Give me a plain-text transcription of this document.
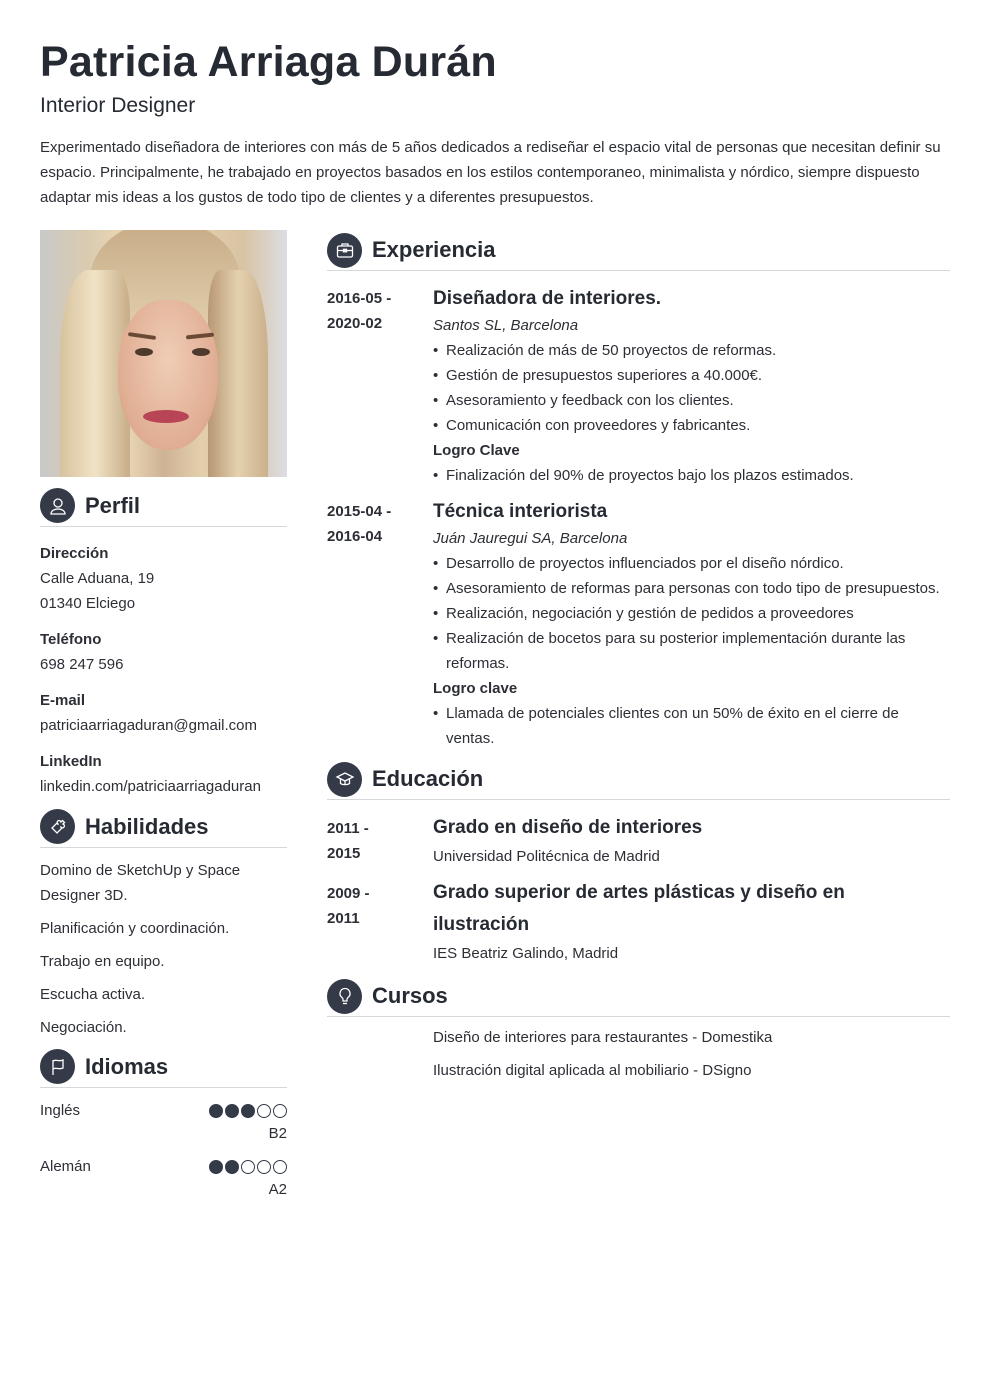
Patricia Arriaga Durán
Interior Designer

Experimentado diseñadora de interiores con más de 5 años dedicados a rediseñar el espacio vital de personas que necesitan definir su espacio. Principalmente, he trabajado en proyectos basados en los estilos contemporaneo, minimalista y nórdico, siempre dispuesto adaptar mis ideas a los gustos de todo tipo de clientes y a diferentes presupuestos.

Perfil
Dirección
Calle Aduana, 19
01340 Elciego
Teléfono
698 247 596
E-mail
patriciaarriagaduran@gmail.com
LinkedIn
linkedin.com/patriciaarriagaduran
Habilidades
Domino de SketchUp y Space Designer 3D.
Planificación y coordinación.
Trabajo en equipo.
Escucha activa.
Negociación.
Idiomas
Inglés
B2
Alemán
A2
Experiencia
2016-05 -
2020-02
Diseñadora de interiores.
Santos SL, Barcelona
• Realización de más de 50 proyectos de reformas.
• Gestión de presupuestos superiores a 40.000€.
• Asesoramiento y feedback con los clientes.
• Comunicación con proveedores y fabricantes.
Logro Clave
• Finalización del 90% de proyectos bajo los plazos estimados.
2015-04 -
2016-04
Técnica interiorista
Juán Jauregui SA, Barcelona
• Desarrollo de proyectos influenciados por el diseño nórdico.
• Asesoramiento de reformas para personas con todo tipo de presupuestos.
• Realización, negociación y gestión de pedidos a proveedores
• Realización de bocetos para su posterior implementación durante las reformas.
Logro clave
• Llamada de potenciales clientes con un 50% de éxito en el cierre de ventas.
Educación
2011 -
2015
Grado en diseño de interiores
Universidad Politécnica de Madrid
2009 -
2011
Grado superior de artes plásticas y diseño en ilustración
IES Beatriz Galindo, Madrid
Cursos
Diseño de interiores para restaurantes - Domestika
Ilustración digital aplicada al mobiliario - DSigno
